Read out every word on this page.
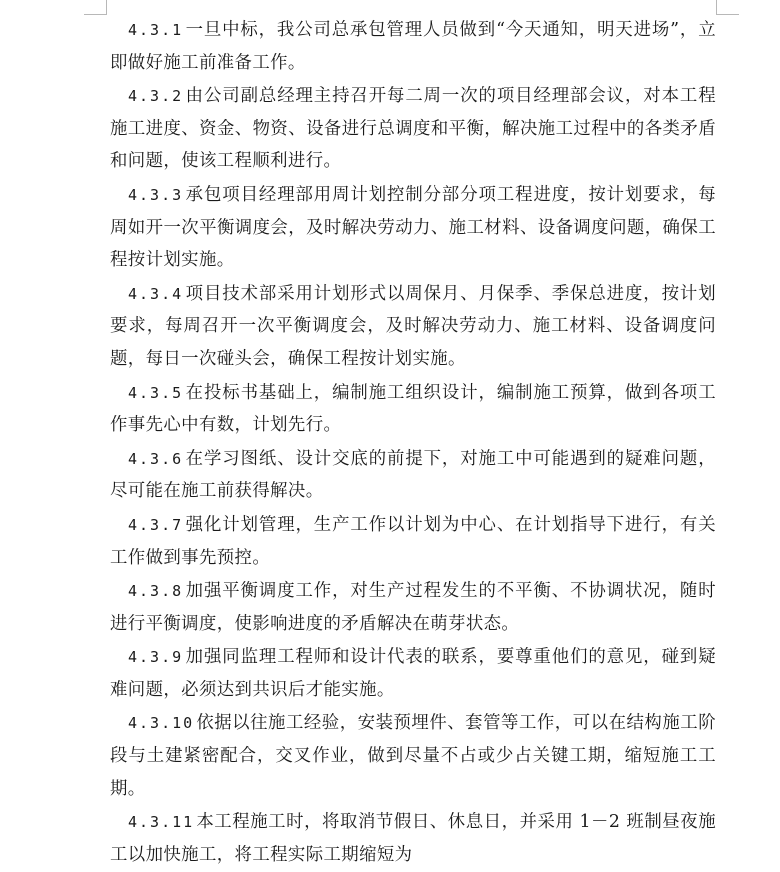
4.3.1 一旦中标，我公司总承包管理人员做到“今天通知，明天进场”，立即做好施工前准备工作。

4.3.2 由公司副总经理主持召开每二周一次的项目经理部会议，对本工程施工进度、资金、物资、设备进行总调度和平衡，解决施工过程中的各类矛盾和问题，使该工程顺利进行。

4.3.3 承包项目经理部用周计划控制分部分项工程进度，按计划要求，每周如开一次平衡调度会，及时解决劳动力、施工材料、设备调度问题，确保工程按计划实施。

4.3.4 项目技术部采用计划形式以周保月、月保季、季保总进度，按计划要求，每周召开一次平衡调度会，及时解决劳动力、施工材料、设备调度问题，每日一次碰头会，确保工程按计划实施。

4.3.5 在投标书基础上，编制施工组织设计，编制施工预算，做到各项工作事先心中有数，计划先行。

4.3.6 在学习图纸、设计交底的前提下，对施工中可能遇到的疑难问题，尽可能在施工前获得解决。

4.3.7 强化计划管理，生产工作以计划为中心、在计划指导下进行，有关工作做到事先预控。

4.3.8 加强平衡调度工作，对生产过程发生的不平衡、不协调状况，随时进行平衡调度，使影响进度的矛盾解决在萌芽状态。

4.3.9 加强同监理工程师和设计代表的联系，要尊重他们的意见，碰到疑难问题，必须达到共识后才能实施。

4.3.10 依据以往施工经验，安装预埋件、套管等工作，可以在结构施工阶段与土建紧密配合，交叉作业，做到尽量不占或少占关键工期，缩短施工工期。

4.3.11 本工程施工时，将取消节假日、休息日，并采用 1－2 班制昼夜施工以加快施工，将工程实际工期缩短为
